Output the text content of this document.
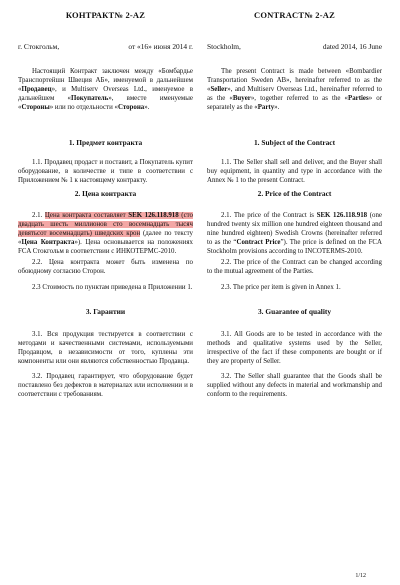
КОНТРАКТ№ 2-AZ	CONTRACT№ 2-AZ
г. Стокгольм,	от «16» июня 2014 г. Stockholm,	dated 2014, 16 June

Настоящий Контракт заключен между «Бомбардье Транспортейшн Швеция АБ», именуемой в дальнейшем «Продавец», и Multiserv Overseas Ltd., именуемое в дальнейшем «Покупатель», вместе именуемые «Стороны» или по отдельности «Сторона».

The present Contract is made between «Bombardier Transportation Sweden AB», hereinafter referred to as the «Seller», and Multiserv Overseas Ltd., hereinafter referred to as the «Buyer», together referred to as the «Parties» or separately as the «Party».

1. Предмет контракта	1. Subject of the Contract

1.1. Продавец продаст и поставит, а Покупатель купит оборудование, в количестве и типе в соответствии с Приложением № 1 к настоящему контракту.

1.1. The Seller shall sell and deliver, and the Buyer shall buy equipment, in quantity and type in accordance with the Annex № 1 to the present Contract.

2. Цена контракта	2. Price of the Contract

2.1. Цена контракта составляет SEK 126.118.918 (сто двадцать шесть миллионов сто восемнадцать тысяч девятьсот восемнадцать) шведских крон (далее по тексту «Цена Контракта»). Цена основывается на положениях FCA Стокгольм в соответствии с ИНКОТЕРМС-2010.

2.1. The price of the Contract is SEK 126.118.918 (one hundred twenty six million one hundred eighteen thousand and nine hundred eighteen) Swedish Crowns (hereinafter referred to as the “Contract Price”). The price is defined on the FCA Stockholm provisions according to INCOTERMS-2010.

2.2. Цена контракта может быть изменена по обоюдному согласию Сторон.

2.2. The price of the Contract can be changed according to the mutual agreement of the Parties.

2.3 Стоимость по пунктам приведена в Приложении 1.	2.3. The price per item is given in Annex 1.

3. Гарантии	3. Guarantee of quality

3.1. Вся продукция тестируется в соответствии с методами и качественными системами, используемыми Продавцом, в независимости от того, куплены эти компоненты или они являются собственностью Продавца.

3.1. All Goods are to be tested in accordance with the methods and qualitative systems used by the Seller, irrespective of the fact if these components are bought or if they are property of Seller.

3.2. Продавец гарантирует, что оборудование будет поставлено без дефектов в материалах или исполнении и в соответствии с требованиям.

3.2. The Seller shall guarantee that the Goods shall be supplied without any defects in material and workmanship and conform to the requirements.

1/12
